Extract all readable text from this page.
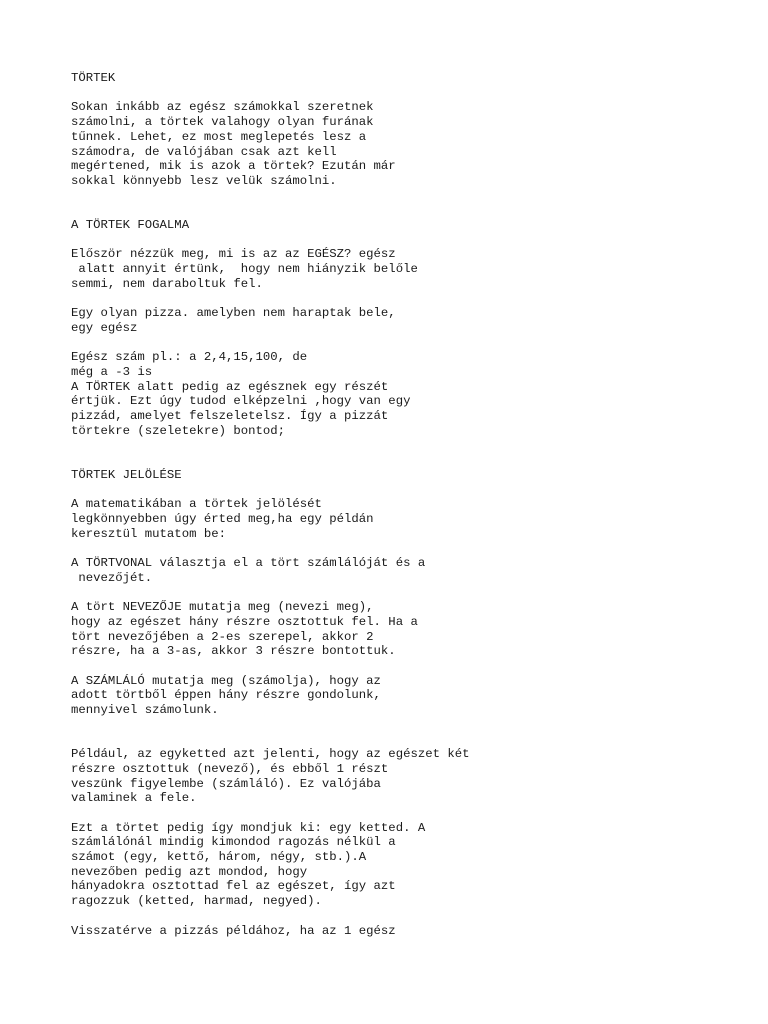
TÖRTEK

Sokan inkább az egész számokkal szeretnek
számolni, a törtek valahogy olyan furának
tűnnek. Lehet, ez most meglepetés lesz a
számodra, de valójában csak azt kell
megértened, mik is azok a törtek? Ezután már
sokkal könnyebb lesz velük számolni.

A TÖRTEK FOGALMA

Először nézzük meg, mi is az az EGÉSZ? egész
alatt annyit értünk,  hogy nem hiányzik belőle
semmi, nem daraboltuk fel.

Egy olyan pizza. amelyben nem haraptak bele,
egy egész

Egész szám pl.: a 2,4,15,100, de
még a -3 is
A TÖRTEK alatt pedig az egésznek egy részét
értjük. Ezt úgy tudod elképzelni ,hogy van egy
pizzád, amelyet felszeletelsz. Így a pizzát
törtekre (szeletekre) bontod;

TÖRTEK JELÖLÉSE

A matematikában a törtek jelölését
legkönnyebben úgy érted meg,ha egy példán
keresztül mutatom be:

A TÖRTVONAL választja el a tört számlálóját és a
nevezőjét.

A tört NEVEZŐJE mutatja meg (nevezi meg),
hogy az egészet hány részre osztottuk fel. Ha a
tört nevezőjében a 2-es szerepel, akkor 2
részre, ha a 3-as, akkor 3 részre bontottuk.

A SZÁMLÁLÓ mutatja meg (számolja), hogy az
adott törtből éppen hány részre gondolunk,
mennyivel számolunk.

Például, az egyketted azt jelenti, hogy az egészet két
részre osztottuk (nevező), és ebből 1 részt
veszünk figyelembe (számláló). Ez valójába
valaminek a fele.

Ezt a törtet pedig így mondjuk ki: egy ketted. A
számlálónál mindig kimondod ragozás nélkül a
számot (egy, kettő, három, négy, stb.).A
nevezőben pedig azt mondod, hogy
hányadokra osztottad fel az egészet, így azt
ragozzuk (ketted, harmad, negyed).

Visszatérve a pizzás példához, ha az 1 egész
